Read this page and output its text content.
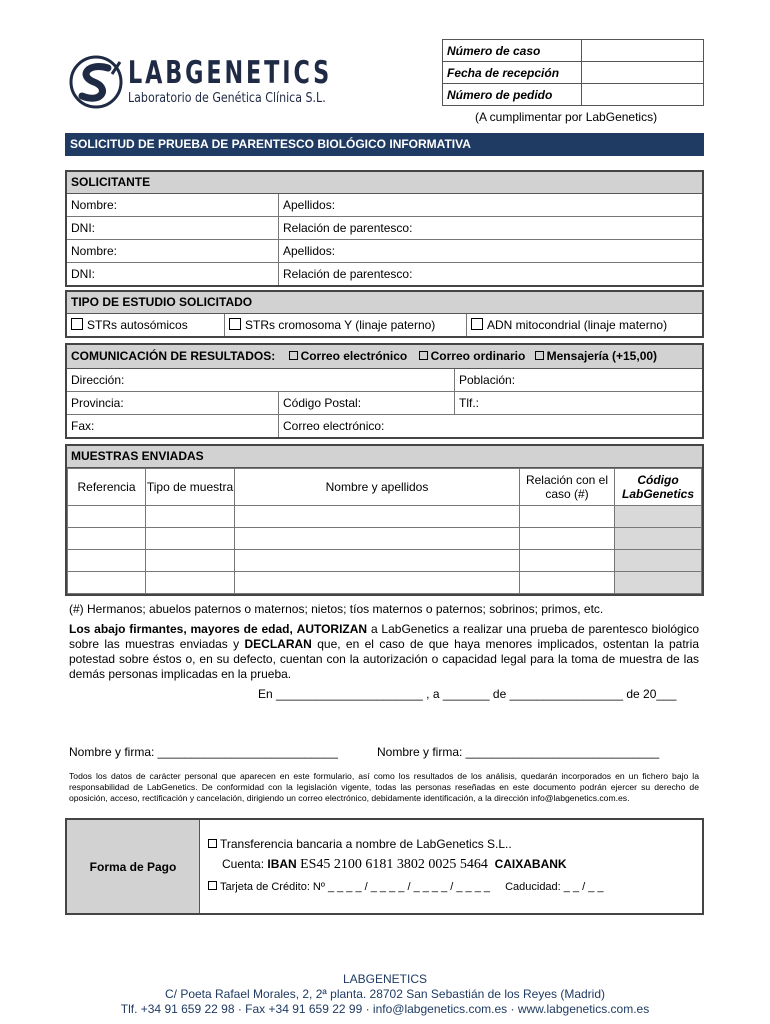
LABGENETICS
Laboratorio de Genética Clínica S.L.
Número de caso	
Fecha de recepción	
Número de pedido	
(A cumplimentar por LabGenetics)
SOLICITUD DE PRUEBA DE PARENTESCO BIOLÓGICO INFORMATIVA
SOLICITANTE
Nombre:	Apellidos:
DNI:	Relación de parentesco:
Nombre:	Apellidos:
DNI:	Relación de parentesco:
TIPO DE ESTUDIO SOLICITADO
STRs autosómicos	STRs cromosoma Y (linaje paterno)	ADN mitocondrial (linaje materno)
COMUNICACIÓN DE RESULTADOS: Correo electrónico Correo ordinario Mensajería (+15,00)
Dirección:	Población:
Provincia:	Código Postal:	Tlf.:
Fax:	Correo electrónico:
MUESTRAS ENVIADAS
Referencia	Tipo de muestra	Nombre y apellidos	Relación con el caso (#)	Código LabGenetics

(#) Hermanos; abuelos paternos o maternos; nietos; tíos maternos o paternos; sobrinos; primos, etc.
Los abajo firmantes, mayores de edad, AUTORIZAN a LabGenetics a realizar una prueba de parentesco biológico sobre las muestras enviadas y DECLARAN que, en el caso de que haya menores implicados, ostentan la patria potestad sobre éstos o, en su defecto, cuentan con la autorización o capacidad legal para la toma de muestra de las demás personas implicadas en la prueba.
En ______________________ , a _______ de _________________ de 20___
Nombre y firma: ___________________________	Nombre y firma: _____________________________
Todos los datos de carácter personal que aparecen en este formulario, así como los resultados de los análisis, quedarán incorporados en un fichero bajo la responsabilidad de LabGenetics. De conformidad con la legislación vigente, todas las personas reseñadas en este documento podrán ejercer su derecho de oposición, acceso, rectificación y cancelación, dirigiendo un correo electrónico, debidamente identificación, a la dirección info@labgenetics.com.es.
Forma de Pago
Transferencia bancaria a nombre de LabGenetics S.L..
Cuenta: IBAN ES45 2100 6181 3802 0025 5464 CAIXABANK
Tarjeta de Crédito: Nº _ _ _ _ / _ _ _ _ / _ _ _ _ / _ _ _ _ Caducidad: _ _ / _ _
LABGENETICS
C/ Poeta Rafael Morales, 2, 2ª planta. 28702 San Sebastián de los Reyes (Madrid)
Tlf. +34 91 659 22 98 · Fax +34 91 659 22 99 · info@labgenetics.com.es · www.labgenetics.com.es
